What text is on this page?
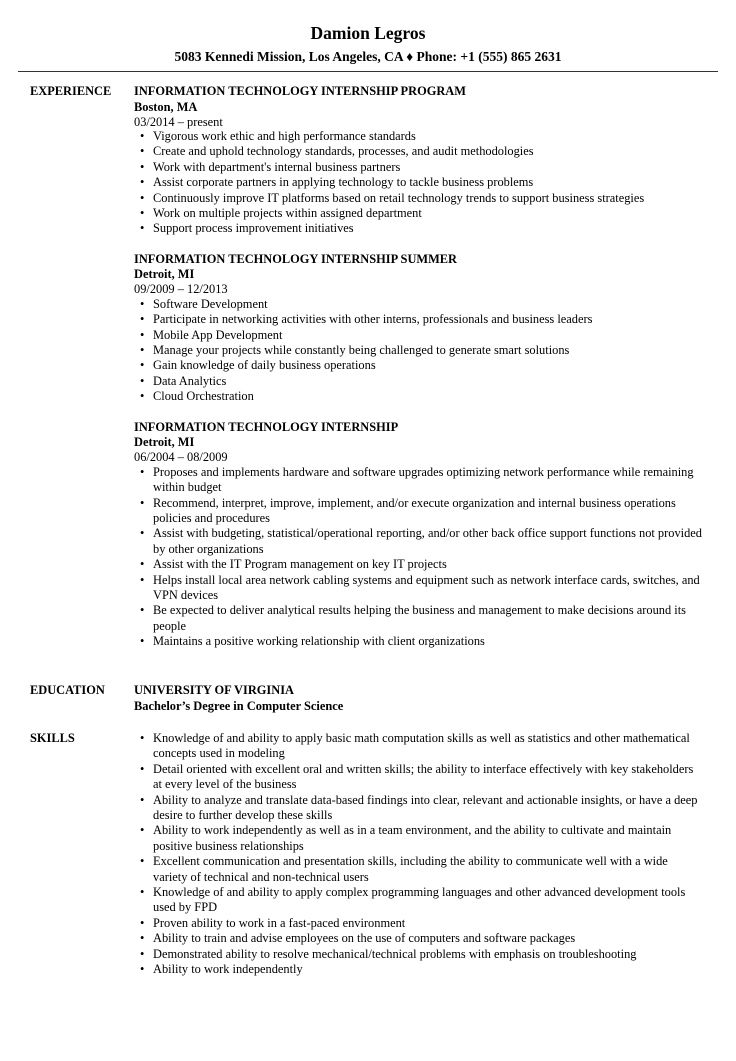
Damion Legros
5083 Kennedi Mission, Los Angeles, CA ♦ Phone: +1 (555) 865 2631
EXPERIENCE INFORMATION TECHNOLOGY INTERNSHIP PROGRAM
Boston, MA
03/2014 – present
• Vigorous work ethic and high performance standards
• Create and uphold technology standards, processes, and audit methodologies
• Work with department's internal business partners
• Assist corporate partners in applying technology to tackle business problems
• Continuously improve IT platforms based on retail technology trends to support business strategies
• Work on multiple projects within assigned department
• Support process improvement initiatives
INFORMATION TECHNOLOGY INTERNSHIP SUMMER
Detroit, MI
09/2009 – 12/2013
• Software Development
• Participate in networking activities with other interns, professionals and business leaders
• Mobile App Development
• Manage your projects while constantly being challenged to generate smart solutions
• Gain knowledge of daily business operations
• Data Analytics
• Cloud Orchestration
INFORMATION TECHNOLOGY INTERNSHIP
Detroit, MI
06/2004 – 08/2009
• Proposes and implements hardware and software upgrades optimizing network performance while remaining within budget
• Recommend, interpret, improve, implement, and/or execute organization and internal business operations policies and procedures
• Assist with budgeting, statistical/operational reporting, and/or other back office support functions not provided by other organizations
• Assist with the IT Program management on key IT projects
• Helps install local area network cabling systems and equipment such as network interface cards, switches, and VPN devices
• Be expected to deliver analytical results helping the business and management to make decisions around its people
• Maintains a positive working relationship with client organizations
EDUCATION UNIVERSITY OF VIRGINIA
Bachelor’s Degree in Computer Science
SKILLS
•	Knowledge of and ability to apply basic math computation skills as well as statistics and other mathematical concepts used in modeling
• Detail oriented with excellent oral and written skills; the ability to interface effectively with key stakeholders at every level of the business
• Ability to analyze and translate data-based findings into clear, relevant and actionable insights, or have a deep desire to further develop these skills
• Ability to work independently as well as in a team environment, and the ability to cultivate and maintain positive business relationships
• Excellent communication and presentation skills, including the ability to communicate well with a wide variety of technical and non-technical users
• Knowledge of and ability to apply complex programming languages and other advanced development tools used by FPD
• Proven ability to work in a fast-paced environment
• Ability to train and advise employees on the use of computers and software packages
• Demonstrated ability to resolve mechanical/technical problems with emphasis on troubleshooting
• Ability to work independently
